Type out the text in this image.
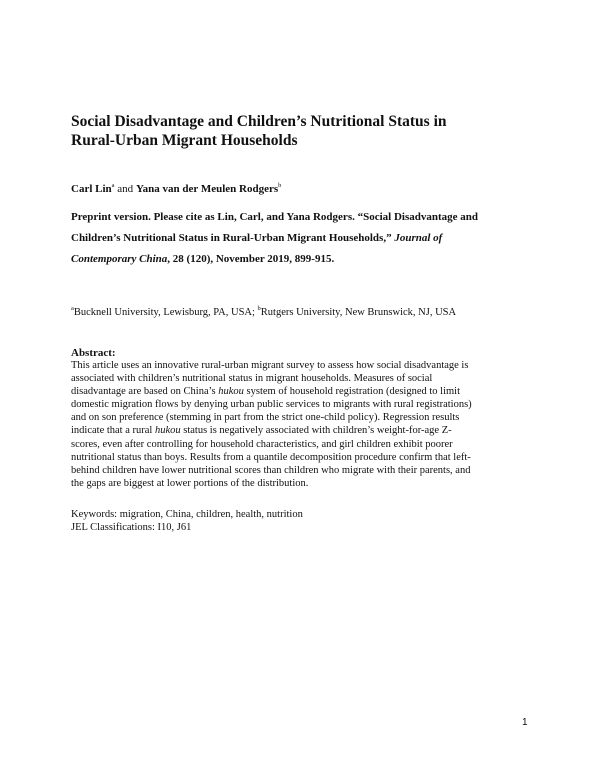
Social Disadvantage and Children’s Nutritional Status in
Rural-Urban Migrant Households
Carl Lin$^a$ and Yana van der Meulen Rodgers$^b$
Preprint version. Please cite as Lin, Carl, and Yana Rodgers. “Social Disadvantage and
Children’s Nutritional Status in Rural-Urban Migrant Households,” Journal of
Contemporary China, 28 (120), November 2019, 899-915.
$^a$Bucknell University, Lewisburg, PA, USA; $^b$Rutgers University, New Brunswick, NJ, USA
Abstract:
This article uses an innovative rural-urban migrant survey to assess how social disadvantage is
associated with children’s nutritional status in migrant households. Measures of social
disadvantage are based on China’s hukou system of household registration (designed to limit
domestic migration flows by denying urban public services to migrants with rural registrations)
and on son preference (stemming in part from the strict one-child policy). Regression results
indicate that a rural hukou status is negatively associated with children’s weight-for-age Z-
scores, even after controlling for household characteristics, and girl children exhibit poorer
nutritional status than boys. Results from a quantile decomposition procedure confirm that left-
behind children have lower nutritional scores than children who migrate with their parents, and
the gaps are biggest at lower portions of the distribution.
Keywords: migration, China, children, health, nutrition
JEL Classifications: I10, J61
1
